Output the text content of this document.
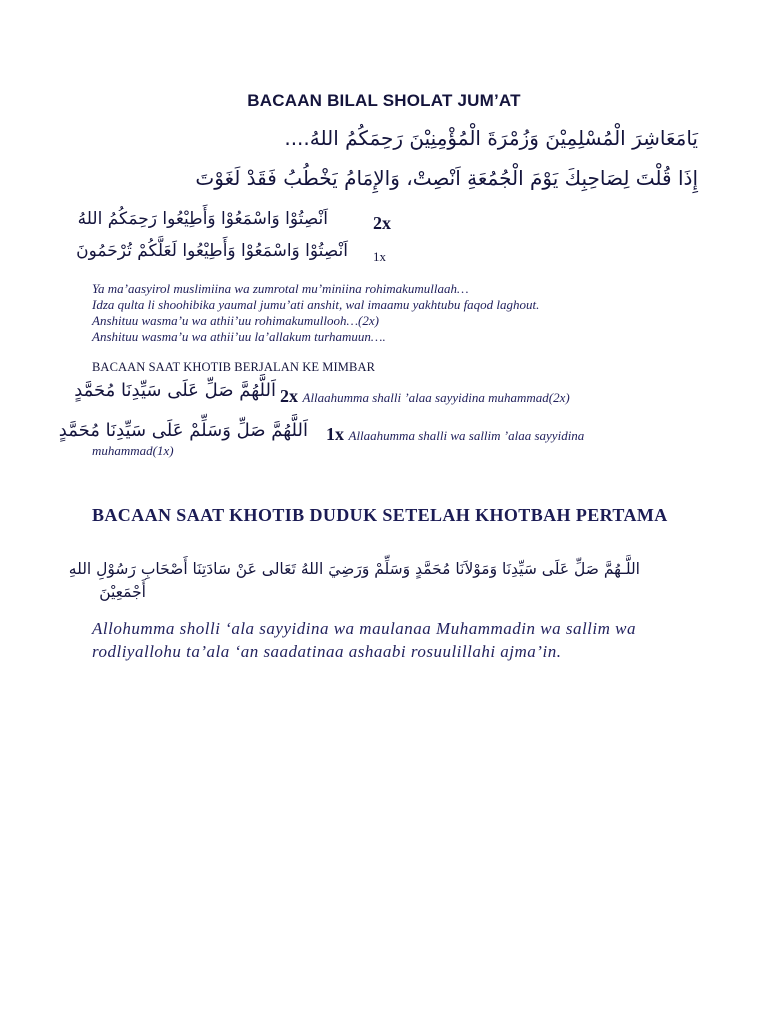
BACAAN BILAL SHOLAT JUM’AT
يَامَعَاشِرَ الْمُسْلِمِيْنَ وَزُمْرَةَ الْمُؤْمِنِيْنَ رَحِمَكُمُ اللهُ....
إِذَا قُلْتَ لِصَاحِبِكَ يَوْمَ الْجُمُعَةِ اَنْصِتْ، وَالإِمَامُ يَخْطُبُ فَقَدْ لَغَوْتَ
اَنْصِتُوْا وَاسْمَعُوْا وَأَطِيْعُوا رَحِمَكُمُ اللهُ	2x
اَنْصِتُوْا وَاسْمَعُوْا وَأَطِيْعُوا لَعَلَّكُمْ تُرْحَمُونَ 1x
Ya ma’aasyirol muslimiina wa zumrotal mu’miniina rohimakumullaah…
Idza qulta li shoohibika yaumal jumu’ati anshit, wal imaamu yakhtubu faqod laghout.
Anshituu wasma’u wa athii’uu rohimakumullooh…(2x)
Anshituu wasma’u wa athii’uu la’allakum turhamuun….
BACAAN SAAT KHOTIB BERJALAN KE MIMBAR
اَللَّهُمَّ صَلِّ عَلَى سَيِّدِنَا مُحَمَّدٍ 2x Allaahumma shalli ’alaa sayyidina muhammad(2x)
اَللَّهُمَّ صَلِّ وَسَلِّمْ عَلَى سَيِّدِنَا مُحَمَّدٍ 1x Allaahumma shalli wa sallim ’alaa sayyidina
muhammad(1x)
BACAAN SAAT KHOTIB DUDUK SETELAH KHOTBAH PERTAMA
اللَّـهُمَّ صَلِّ عَلَى سَيِّدِنَا وَمَوْلاَنَا مُحَمَّدٍ وَسَلِّمْ وَرَضِيَ اللهُ تَعَالى عَنْ سَادَتِنَا أَصْحَابِ رَسُوْلِ اللهِ
أَجْمَعِيْنَ
Allohumma sholli ‘ala sayyidina wa maulanaa Muhammadin wa sallim wa rodliyallohu ta’ala ‘an saadatinaa ashaabi rosuulillahi ajma’in.
